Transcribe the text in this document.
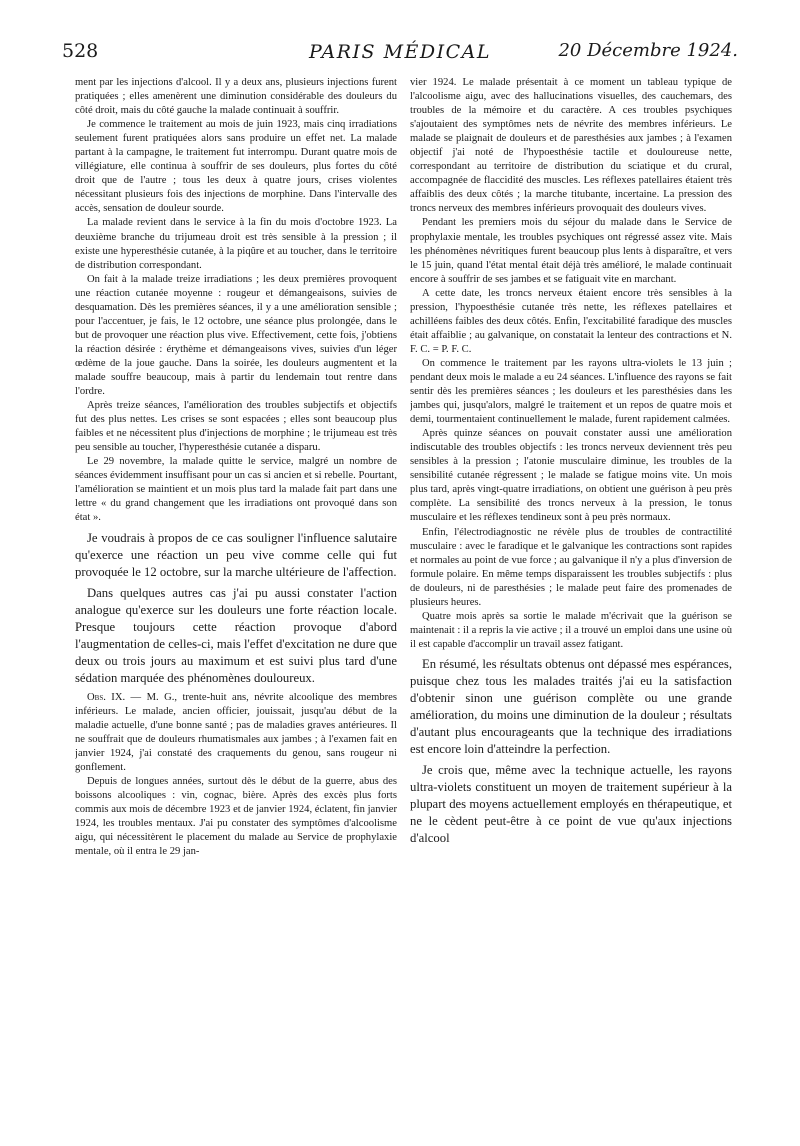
528	PARIS MÉDICAL	20 Décembre 1924.

ment par les injections d'alcool. Il y a deux ans, plusieurs injections furent pratiquées ; elles amenèrent une diminution considérable des douleurs du côté droit, mais du côté gauche la malade continuait à souffrir.

Je commence le traitement au mois de juin 1923, mais cinq irradiations seulement furent pratiquées alors sans produire un effet net. La malade partant à la campagne, le traitement fut interrompu. Durant quatre mois de villégiature, elle continua à souffrir de ses douleurs, plus fortes du côté droit que de l'autre ; tous les deux à quatre jours, crises violentes nécessitant plusieurs fois des injections de morphine. Dans l'intervalle des accès, sensation de douleur sourde.

La malade revient dans le service à la fin du mois d'octobre 1923. La deuxième branche du trijumeau droit est très sensible à la pression ; il existe une hyperesthésie cutanée, à la piqûre et au toucher, dans le territoire de distribution correspondant.

On fait à la malade treize irradiations ; les deux premières provoquent une réaction cutanée moyenne : rougeur et démangeaisons, suivies de desquamation. Dès les premières séances, il y a une amélioration sensible ; pour l'accentuer, je fais, le 12 octobre, une séance plus prolongée, dans le but de provoquer une réaction plus vive. Effectivement, cette fois, j'obtiens la réaction désirée : érythème et démangeaisons vives, suivies d'un léger œdème de la joue gauche. Dans la soirée, les douleurs augmentent et la malade souffre beaucoup, mais à partir du lendemain tout rentre dans l'ordre.

Après treize séances, l'amélioration des troubles subjectifs et objectifs fut des plus nettes. Les crises se sont espacées ; elles sont beaucoup plus faibles et ne nécessitent plus d'injections de morphine ; le trijumeau est très peu sensible au toucher, l'hyperesthésie cutanée a disparu.

Le 29 novembre, la malade quitte le service, malgré un nombre de séances évidemment insuffisant pour un cas si ancien et si rebelle. Pourtant, l'amélioration se maintient et un mois plus tard la malade fait part dans une lettre « du grand changement que les irradiations ont provoqué dans son état ».

Je voudrais à propos de ce cas souligner l'influence salutaire qu'exerce une réaction un peu vive comme celle qui fut provoquée le 12 octobre, sur la marche ultérieure de l'affection.

Dans quelques autres cas j'ai pu aussi constater l'action analogue qu'exerce sur les douleurs une forte réaction locale. Presque toujours cette réaction provoque d'abord l'augmentation de celles-ci, mais l'effet d'excitation ne dure que deux ou trois jours au maximum et est suivi plus tard d'une sédation marquée des phénomènes douloureux.

Obs. IX. — M. G., trente-huit ans, névrite alcoolique des membres inférieurs. Le malade, ancien officier, jouissait, jusqu'au début de la maladie actuelle, d'une bonne santé ; pas de maladies graves antérieures. Il ne souffrait que de douleurs rhumatismales aux jambes ; à l'examen fait en janvier 1924, j'ai constaté des craquements du genou, sans rougeur ni gonflement.

Depuis de longues années, surtout dès le début de la guerre, abus des boissons alcooliques : vin, cognac, bière. Après des excès plus forts commis aux mois de décembre 1923 et de janvier 1924, éclatent, fin janvier 1924, les troubles mentaux. J'ai pu constater des symptômes d'alcoolisme aigu, qui nécessitèrent le placement du malade au Service de prophylaxie mentale, où il entra le 29 jan-

vier 1924. Le malade présentait à ce moment un tableau typique de l'alcoolisme aigu, avec des hallucinations visuelles, des cauchemars, des troubles de la mémoire et du caractère. A ces troubles psychiques s'ajoutaient des symptômes nets de névrite des membres inférieurs. Le malade se plaignait de douleurs et de paresthésies aux jambes ; à l'examen objectif j'ai noté de l'hypoesthésie tactile et douloureuse nette, correspondant au territoire de distribution du sciatique et du crural, accompagnée de flaccidité des muscles. Les réflexes patellaires étaient très affaiblis des deux côtés ; la marche titubante, incertaine. La pression des troncs nerveux des membres inférieurs provoquait des douleurs vives.

Pendant les premiers mois du séjour du malade dans le Service de prophylaxie mentale, les troubles psychiques ont régressé assez vite. Mais les phénomènes névritiques furent beaucoup plus lents à disparaître, et vers le 15 juin, quand l'état mental était déjà très amélioré, le malade continuait encore à souffrir de ses jambes et se fatiguait vite en marchant.

A cette date, les troncs nerveux étaient encore très sensibles à la pression, l'hypoesthésie cutanée très nette, les réflexes patellaires et achilléens faibles des deux côtés. Enfin, l'excitabilité faradique des muscles était affaiblie ; au galvanique, on constatait la lenteur des contractions et N. F. C. = P. F. C.

On commence le traitement par les rayons ultra-violets le 13 juin ; pendant deux mois le malade a eu 24 séances. L'influence des rayons se fait sentir dès les premières séances ; les douleurs et les paresthésies dans les jambes qui, jusqu'alors, malgré le traitement et un repos de quatre mois et demi, tourmentaient continuellement le malade, furent rapidement calmées.

Après quinze séances on pouvait constater aussi une amélioration indiscutable des troubles objectifs : les troncs nerveux deviennent très peu sensibles à la pression ; l'atonie musculaire diminue, les troubles de la sensibilité cutanée régressent ; le malade se fatigue moins vite. Un mois plus tard, après vingt-quatre irradiations, on obtient une guérison à peu près complète. La sensibilité des troncs nerveux à la pression, le tonus musculaire et les réflexes tendineux sont à peu près normaux.

Enfin, l'électrodiagnostic ne révèle plus de troubles de contractilité musculaire : avec le faradique et le galvanique les contractions sont rapides et normales au point de vue force ; au galvanique il n'y a plus d'inversion de formule polaire. En même temps disparaissent les troubles subjectifs : plus de douleurs, ni de paresthésies ; le malade peut faire des promenades de plusieurs heures.

Quatre mois après sa sortie le malade m'écrivait que la guérison se maintenait : il a repris la vie active ; il a trouvé un emploi dans une usine où il est capable d'accomplir un travail assez fatigant.

En résumé, les résultats obtenus ont dépassé mes espérances, puisque chez tous les malades traités j'ai eu la satisfaction d'obtenir sinon une guérison complète ou une grande amélioration, du moins une diminution de la douleur ; résultats d'autant plus encourageants que la technique des irradiations est encore loin d'atteindre la perfection.

Je crois que, même avec la technique actuelle, les rayons ultra-violets constituent un moyen de traitement supérieur à la plupart des moyens actuellement employés en thérapeutique, et ne le cèdent peut-être à ce point de vue qu'aux injections d'alcool
